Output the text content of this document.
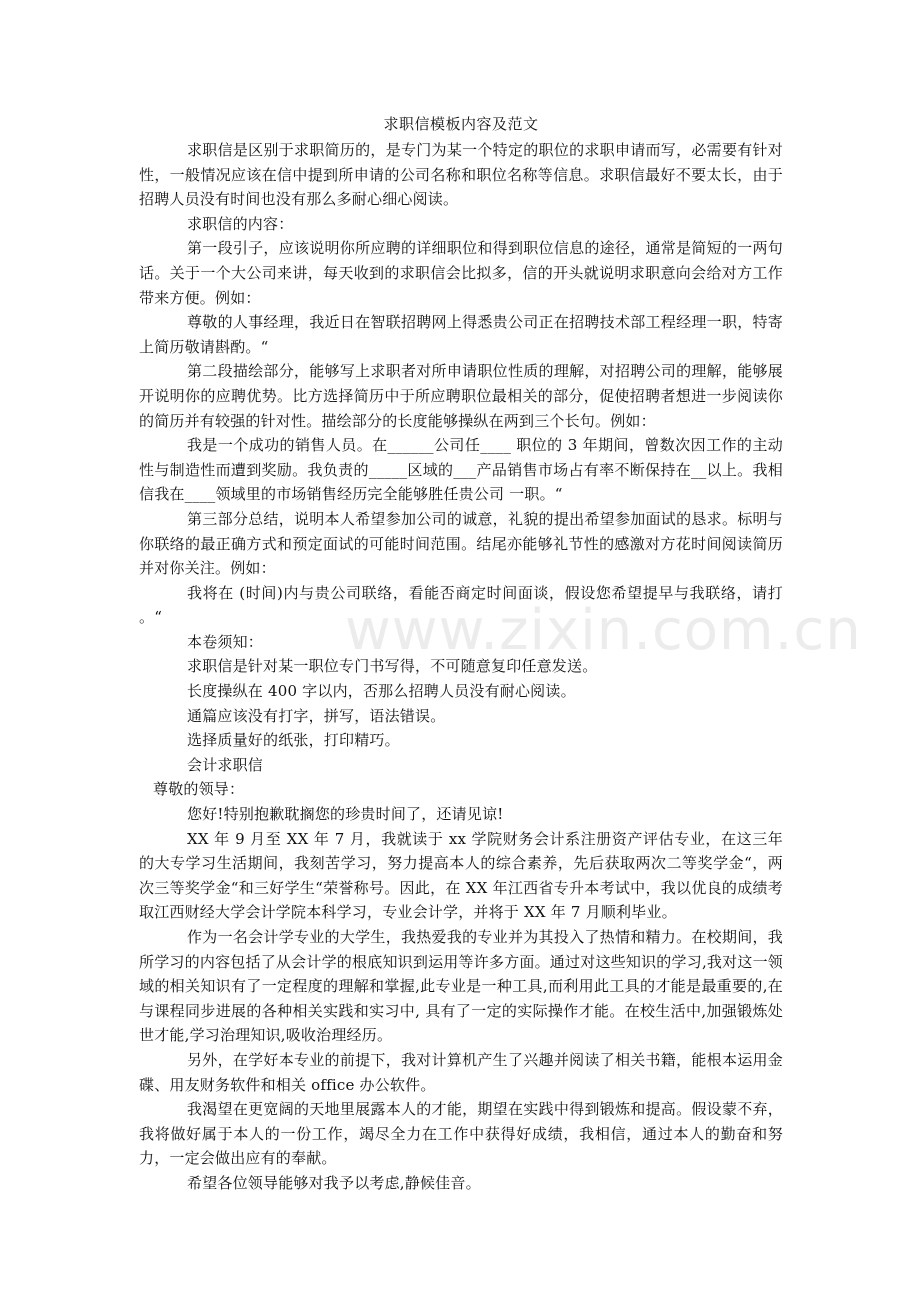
www.zixin.com.cn
求职信模板内容及范文

求职信是区别于求职简历的，是专门为某一个特定的职位的求职申请而写，必需要有针对性，一般情况应该在信中提到所申请的公司名称和职位名称等信息。求职信最好不要太长，由于招聘人员没有时间也没有那么多耐心细心阅读。

求职信的内容：

第一段引子，应该说明你所应聘的详细职位和得到职位信息的途径，通常是简短的一两句话。关于一个大公司来讲，每天收到的求职信会比拟多，信的开头就说明求职意向会给对方工作带来方便。例如：

尊敬的人事经理，我近日在智联招聘网上得悉贵公司正在招聘技术部工程经理一职，特寄上简历敬请斟酌。“

第二段描绘部分，能够写上求职者对所申请职位性质的理解，对招聘公司的理解，能够展开说明你的应聘优势。比方选择简历中于所应聘职位最相关的部分，促使招聘者想进一步阅读你的简历并有较强的针对性。描绘部分的长度能够操纵在两到三个长句。例如：

我是一个成功的销售人员。在______公司任____ 职位的 3 年期间，曾数次因工作的主动性与制造性而遭到奖励。我负责的_____区域的___产品销售市场占有率不断保持在__以上。我相信我在____领域里的市场销售经历完全能够胜任贵公司 一职。“

第三部分总结，说明本人希望参加公司的诚意，礼貌的提出希望参加面试的恳求。标明与你联络的最正确方式和预定面试的可能时间范围。结尾亦能够礼节性的感激对方花时间阅读简历并对你关注。例如：

我将在 (时间)内与贵公司联络，看能否商定时间面谈，假设您希望提早与我联络，请打 。“

本卷须知：

求职信是针对某一职位专门书写得，不可随意复印任意发送。

长度操纵在 400 字以内，否那么招聘人员没有耐心阅读。

通篇应该没有打字，拼写，语法错误。

选择质量好的纸张，打印精巧。

会计求职信

尊敬的领导：

您好!特别抱歉耽搁您的珍贵时间了，还请见谅!

XX 年 9 月至 XX 年 7 月，我就读于 xx 学院财务会计系注册资产评估专业，在这三年的大专学习生活期间，我刻苦学习，努力提高本人的综合素养，先后获取两次二等奖学金“，两次三等奖学金“和三好学生“荣誉称号。因此，在 XX 年江西省专升本考试中，我以优良的成绩考取江西财经大学会计学院本科学习，专业会计学，并将于 XX 年 7 月顺利毕业。

作为一名会计学专业的大学生，我热爱我的专业并为其投入了热情和精力。在校期间，我所学习的内容包括了从会计学的根底知识到运用等许多方面。通过对这些知识的学习,我对这一领域的相关知识有了一定程度的理解和掌握,此专业是一种工具,而利用此工具的才能是最重要的,在与课程同步进展的各种相关实践和实习中, 具有了一定的实际操作才能。在校生活中,加强锻炼处世才能,学习治理知识,吸收治理经历。

另外，在学好本专业的前提下，我对计算机产生了兴趣并阅读了相关书籍，能根本运用金碟、用友财务软件和相关 office 办公软件。

我渴望在更宽阔的天地里展露本人的才能，期望在实践中得到锻炼和提高。假设蒙不弃，我将做好属于本人的一份工作，竭尽全力在工作中获得好成绩，我相信，通过本人的勤奋和努力，一定会做出应有的奉献。

希望各位领导能够对我予以考虑,静候佳音。
